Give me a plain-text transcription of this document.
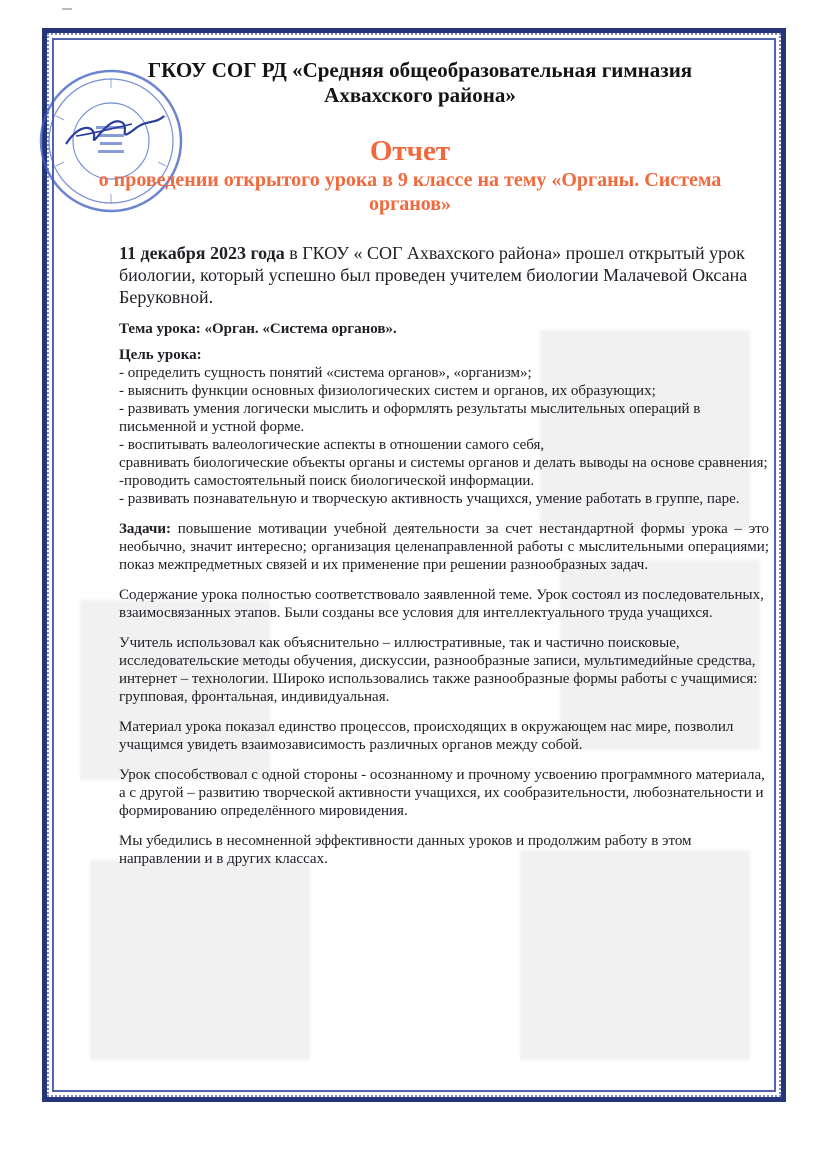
ГКОУ СОГ РД «Средняя общеобразовательная гимназия
Ахвахского района»
Отчет
о проведении открытого урока в 9 классе на тему «Органы. Система
органов»

11 декабря 2023 года в ГКОУ « СОГ Ахвахского района» прошел открытый урок биологии, который успешно был проведен учителем биологии Малачевой Оксана Беруковной.

Тема урока: «Орган. «Система органов».

Цель урока:

- определить сущность понятий «система органов», «организм»;

- выяснить функции основных физиологических систем и органов, их образующих;

- развивать умения логически мыслить и оформлять результаты мыслительных операций в письменной и устной форме.

- воспитывать валеологические аспекты в отношении самого себя,

сравнивать биологические объекты органы и системы органов и делать выводы на основе сравнения;

-проводить самостоятельный поиск биологической информации.

- развивать познавательную и творческую активность учащихся, умение работать в группе, паре.

Задачи: повышение мотивации учебной деятельности за счет нестандартной формы урока – это необычно, значит интересно; организация целенаправленной работы с мыслительными операциями; показ межпредметных связей и их применение при решении разнообразных задач.

Содержание урока полностью соответствовало заявленной теме. Урок состоял из последовательных, взаимосвязанных этапов. Были созданы все условия для интеллектуального труда учащихся.

Учитель использовал как объяснительно – иллюстративные, так и частично поисковые, исследовательские методы обучения, дискуссии, разнообразные записи, мультимедийные средства, интернет – технологии. Широко использовались также разнообразные формы работы с учащимися: групповая, фронтальная, индивидуальная.

Материал урока показал единство процессов, происходящих в окружающем нас мире, позволил учащимся увидеть взаимозависимость различных органов между собой.

Урок способствовал с одной стороны - осознанному и прочному усвоению программного материала, а с другой – развитию творческой активности учащихся, их сообразительности, любознательности и формированию определённого мировидения.

Мы убедились в несомненной эффективности данных уроков и продолжим работу в этом направлении и в других классах.
